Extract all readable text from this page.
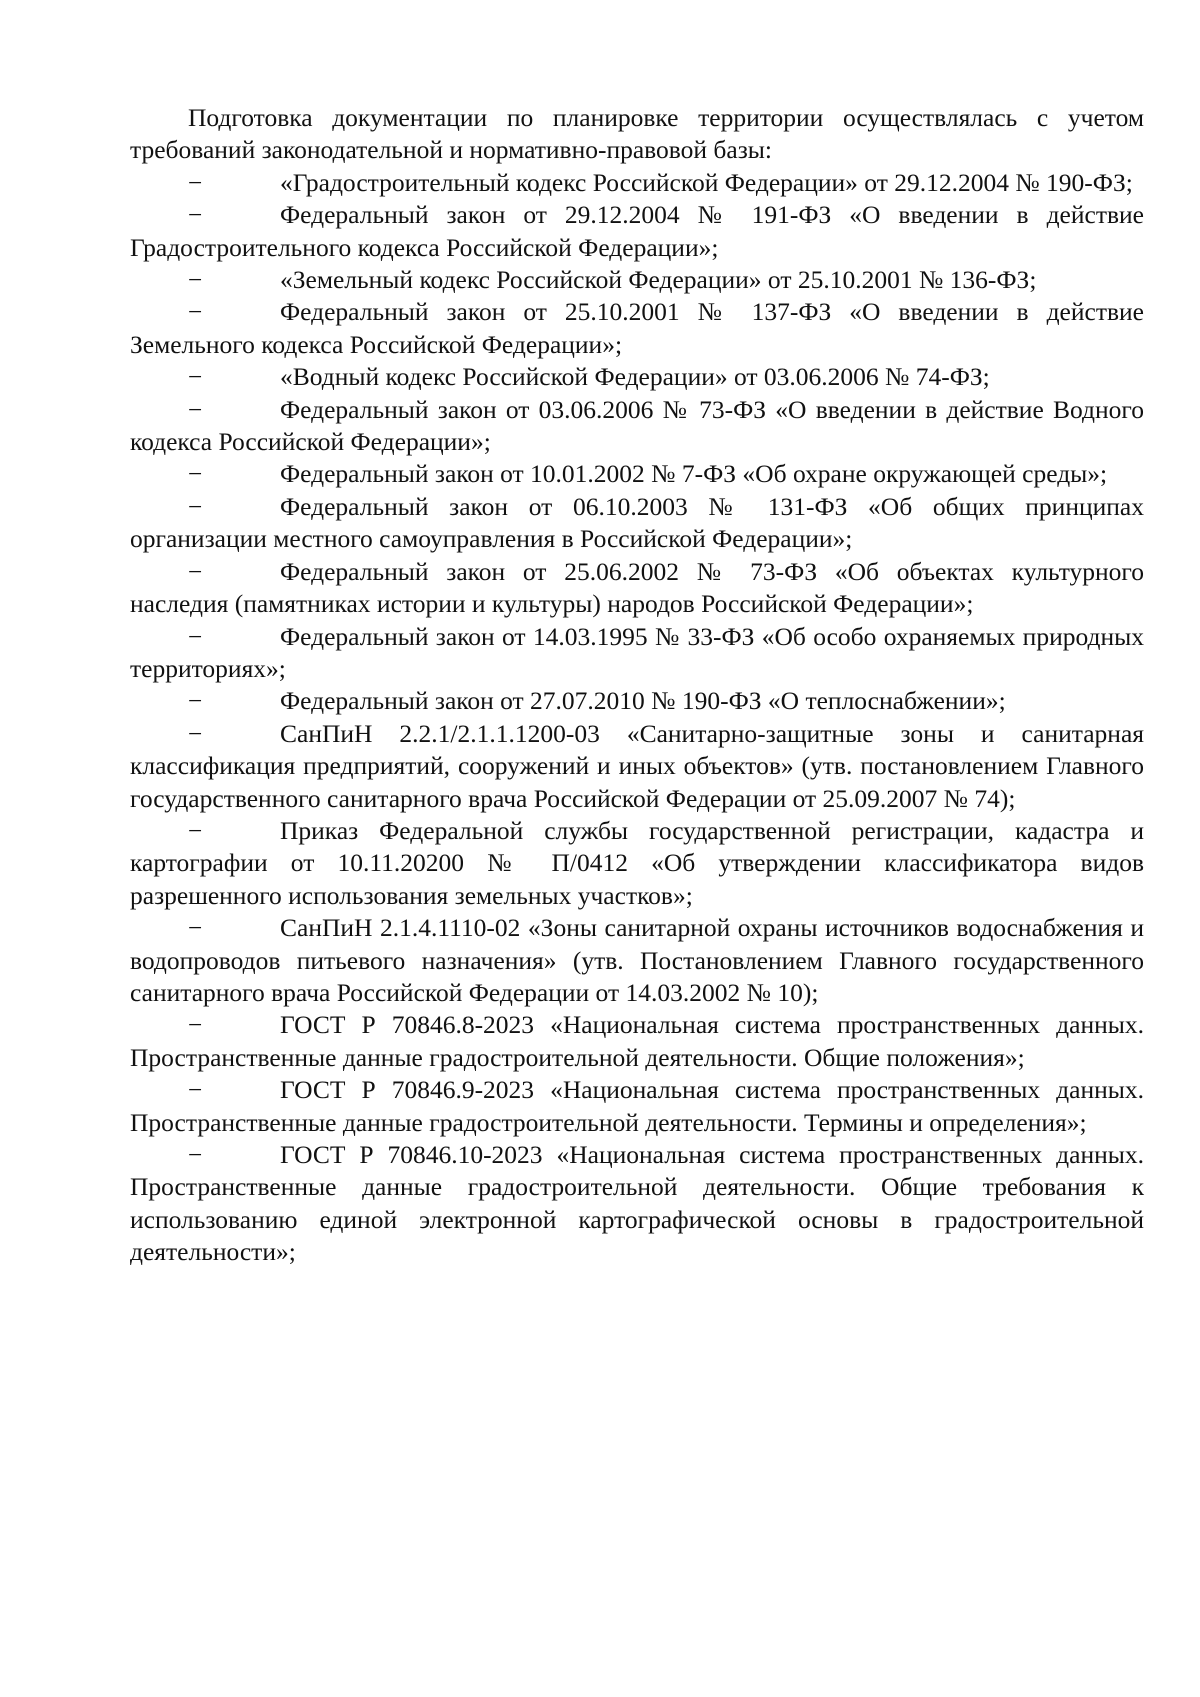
Подготовка документации по планировке территории осуществлялась с учетом требований законодательной и нормативно-правовой базы:

−	«Градостроительный кодекс Российской Федерации» от 29.12.2004 № 190-ФЗ;
−	Федеральный закон от 29.12.2004 № 191-ФЗ «О введении в действие Градостроительного кодекса Российской Федерации»;
−	«Земельный кодекс Российской Федерации» от 25.10.2001 № 136-ФЗ;
−	Федеральный закон от 25.10.2001 № 137-ФЗ «О введении в действие Земельного кодекса Российской Федерации»;
−	«Водный кодекс Российской Федерации» от 03.06.2006 № 74-ФЗ;
−	Федеральный закон от 03.06.2006 № 73-ФЗ «О введении в действие Водного кодекса Российской Федерации»;
−	Федеральный закон от 10.01.2002 № 7-ФЗ «Об охране окружающей среды»;
−	Федеральный закон от 06.10.2003 № 131-ФЗ «Об общих принципах организации местного самоуправления в Российской Федерации»;
−	Федеральный закон от 25.06.2002 № 73-ФЗ «Об объектах культурного наследия (памятниках истории и культуры) народов Российской Федерации»;
−	Федеральный закон от 14.03.1995 № 33-ФЗ «Об особо охраняемых природных территориях»;
−	Федеральный закон от 27.07.2010 № 190-ФЗ «О теплоснабжении»;
−	СанПиН 2.2.1/2.1.1.1200-03 «Санитарно-защитные зоны и санитарная классификация предприятий, сооружений и иных объектов» (утв. постановлением Главного государственного санитарного врача Российской Федерации от 25.09.2007 № 74);
−	Приказ Федеральной службы государственной регистрации, кадастра и картографии от 10.11.20200 № П/0412 «Об утверждении классификатора видов разрешенного использования земельных участков»;
−	СанПиН 2.1.4.1110-02 «Зоны санитарной охраны источников водоснабжения и водопроводов питьевого назначения» (утв. Постановлением Главного государственного санитарного врача Российской Федерации от 14.03.2002 № 10);
−	ГОСТ Р 70846.8-2023 «Национальная система пространственных данных. Пространственные данные градостроительной деятельности. Общие положения»;
−	ГОСТ Р 70846.9-2023 «Национальная система пространственных данных. Пространственные данные градостроительной деятельности. Термины и определения»;
−	ГОСТ Р 70846.10-2023 «Национальная система пространственных данных. Пространственные данные градостроительной деятельности. Общие требования к использованию единой электронной картографической основы в градостроительной деятельности»;
